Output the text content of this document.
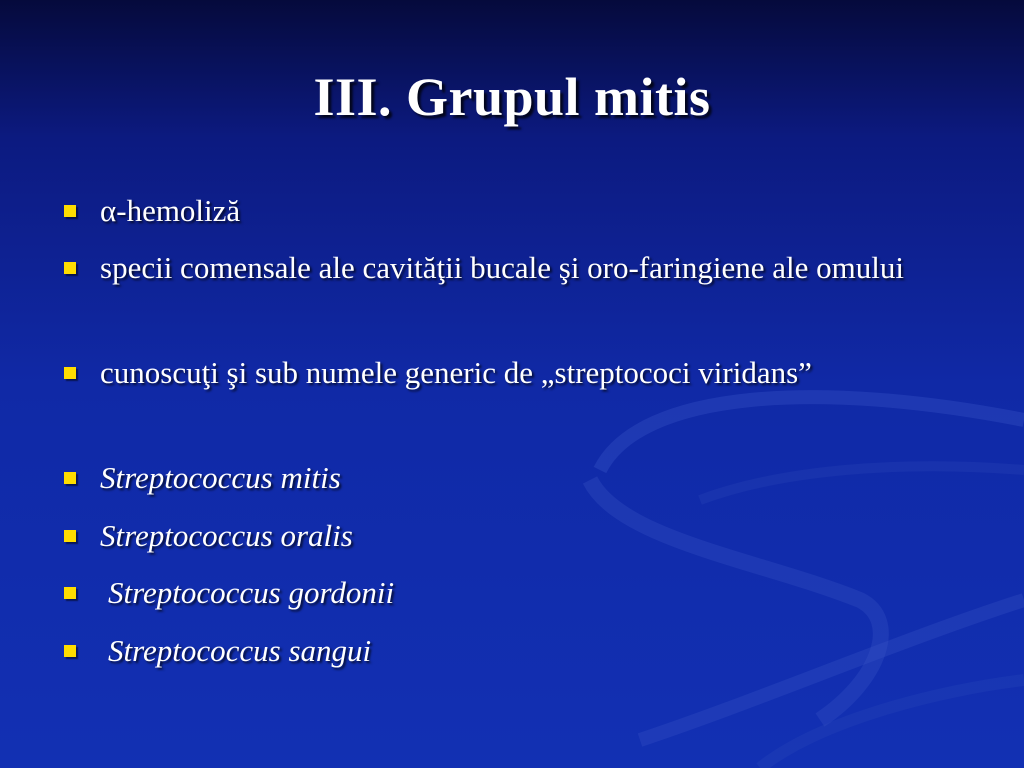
III. Grupul mitis
α-hemoliză
specii comensale ale cavităţii bucale şi oro-faringiene ale omului
cunoscuţi şi sub numele generic de „streptococi viridans”
Streptococcus mitis
Streptococcus oralis
Streptococcus gordonii
Streptococcus sangui
